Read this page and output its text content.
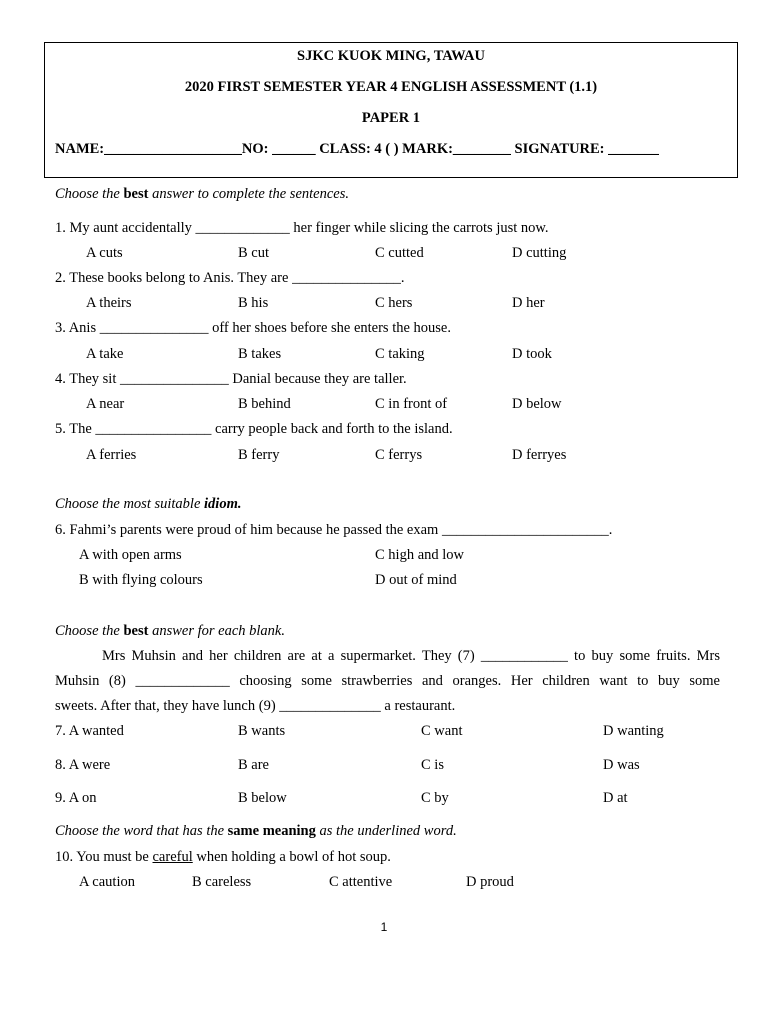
SJKC KUOK MING, TAWAU
2020 FIRST SEMESTER YEAR 4 ENGLISH ASSESSMENT (1.1)
PAPER 1
NAME:___________________NO: ______ CLASS: 4 ( ) MARK:________ SIGNATURE: _______
Choose the best answer to complete the sentences.
1. My aunt accidentally _____________ her finger while slicing the carrots just now.
A cuts	B cut	C cutted	D cutting
2. These books belong to Anis. They are _______________.
A theirs	B his	C hers	D her
3. Anis _______________ off her shoes before she enters the house.
A take	B takes	C taking	D took
4. They sit _______________ Danial because they are taller.
A near	B behind	C in front of	D below
5. The ________________ carry people back and forth to the island.
A ferries	B ferry	C ferrys	D ferryes
Choose the most suitable idiom.
6. Fahmi’s parents were proud of him because he passed the exam _______________________.
A with open arms	C high and low
B with flying colours	D out of mind
Choose the best answer for each blank.
Mrs Muhsin and her children are at a supermarket. They (7) ____________ to buy some fruits. Mrs
Muhsin (8) _____________ choosing some strawberries and oranges. Her children want to buy some
sweets. After that, they have lunch (9) ______________ a restaurant.
7. A wanted	B wants	C want	D wanting
8. A were	B are	C is	D was
9. A on	B below	C by	D at
Choose the word that has the same meaning as the underlined word.
10. You must be careful when holding a bowl of hot soup.
A caution	B careless	C attentive	D proud
1
